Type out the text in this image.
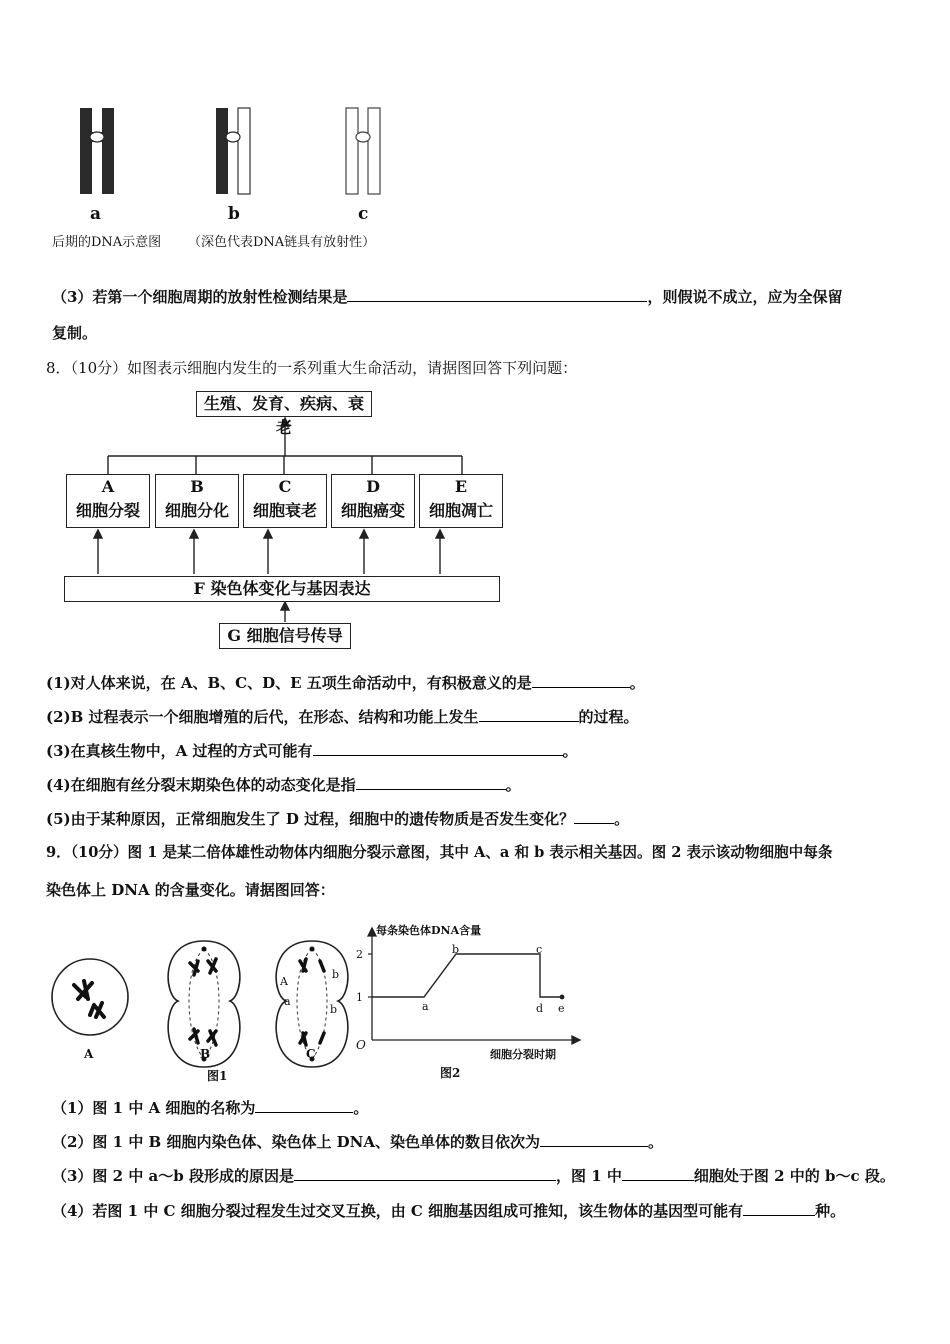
a	b	c
后期的DNA示意图 （深色代表DNA链具有放射性）
（3）若第一个细胞周期的放射性检测结果是	，则假说不成立，应为全保留
复制。
8．（10分）如图表示细胞内发生的一系列重大生命活动，请据图回答下列问题：
生殖、发育、疾病、衰老
A
细胞分裂
B
细胞分化
C
细胞衰老
D
细胞癌变
E
细胞凋亡
F 染色体变化与基因表达
G 细胞信号传导
(1)对人体来说，在 A、B、C、D、E 五项生命活动中，有积极意义的是	。
(2)B 过程表示一个细胞增殖的后代，在形态、结构和功能上发生	的过程。
(3)在真核生物中，A 过程的方式可能有	。
(4)在细胞有丝分裂末期染色体的动态变化是指	。
(5)由于某种原因，正常细胞发生了 D 过程，细胞中的遗传物质是否发生变化？	。
9．（10分）图 1 是某二倍体雄性动物体内细胞分裂示意图，其中 A、a 和 b 表示相关基因。图 2 表示该动物细胞中每条
染色体上 DNA 的含量变化。请据图回答：
A
b
a
b
A	B	C
图1
每条染色体DNA含量
2
1
O
a
b	c
d e
细胞分裂时期
图2
（1）图 1 中 A 细胞的名称为	。
（2）图 1 中 B 细胞内染色体、染色体上 DNA、染色单体的数目依次为	。
（3）图 2 中 a～b 段形成的原因是	，图 1 中	细胞处于图 2 中的 b～c 段。
（4）若图 1 中 C 细胞分裂过程发生过交叉互换，由 C 细胞基因组成可推知，该生物体的基因型可能有	种。
